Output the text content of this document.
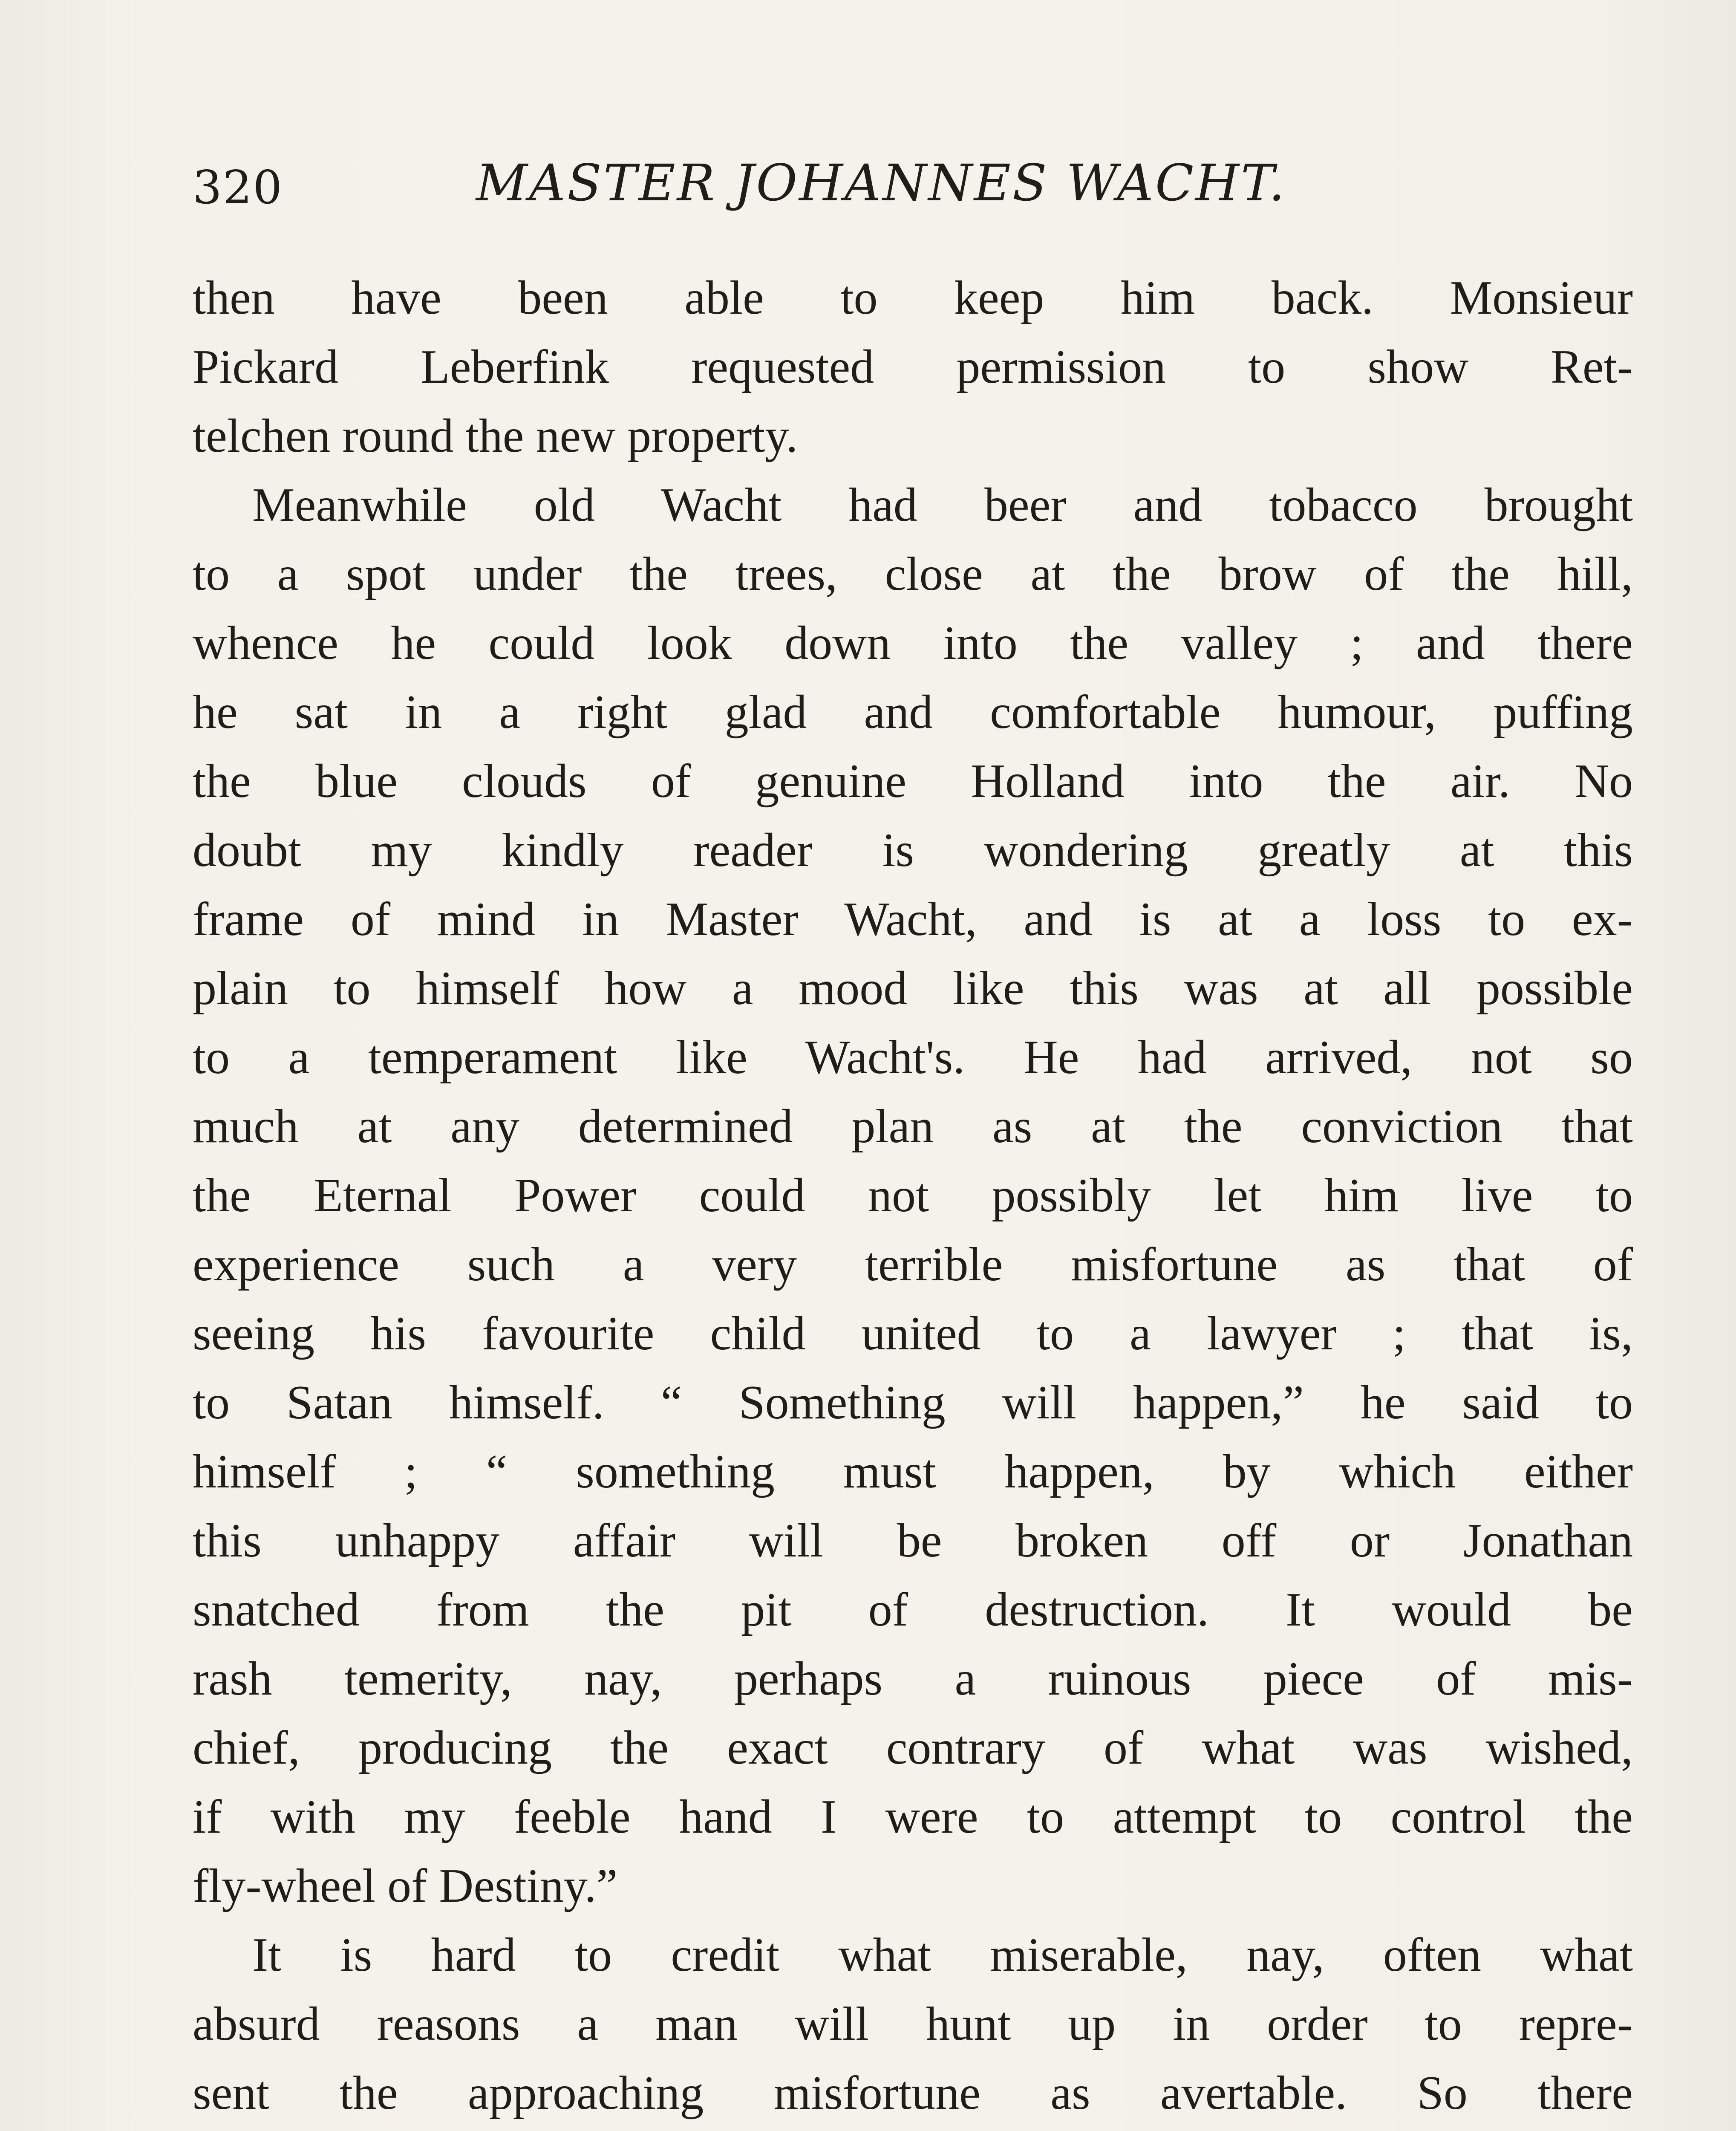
320	MASTER JOHANNES WACHT.
then have been able to keep him back. Monsieur
Pickard Leberfink requested permission to show Ret-
telchen round the new property.
Meanwhile old Wacht had beer and tobacco brought
to a spot under the trees, close at the brow of the hill,
whence he could look down into the valley ; and there
he sat in a right glad and comfortable humour, puffing
the blue clouds of genuine Holland into the air. No
doubt my kindly reader is wondering greatly at this
frame of mind in Master Wacht, and is at a loss to ex-
plain to himself how a mood like this was at all possible
to a temperament like Wacht's. He had arrived, not so
much at any determined plan as at the conviction that
the Eternal Power could not possibly let him live to
experience such a very terrible misfortune as that of
seeing his favourite child united to a lawyer ; that is,
to Satan himself. “ Something will happen,” he said to
himself ; “ something must happen, by which either
this unhappy affair will be broken off or Jonathan
snatched from the pit of destruction. It would be
rash temerity, nay, perhaps a ruinous piece of mis-
chief, producing the exact contrary of what was wished,
if with my feeble hand I were to attempt to control the
fly-wheel of Destiny.”
It is hard to credit what miserable, nay, often what
absurd reasons a man will hunt up in order to repre-
sent the approaching misfortune as avertable. So there
